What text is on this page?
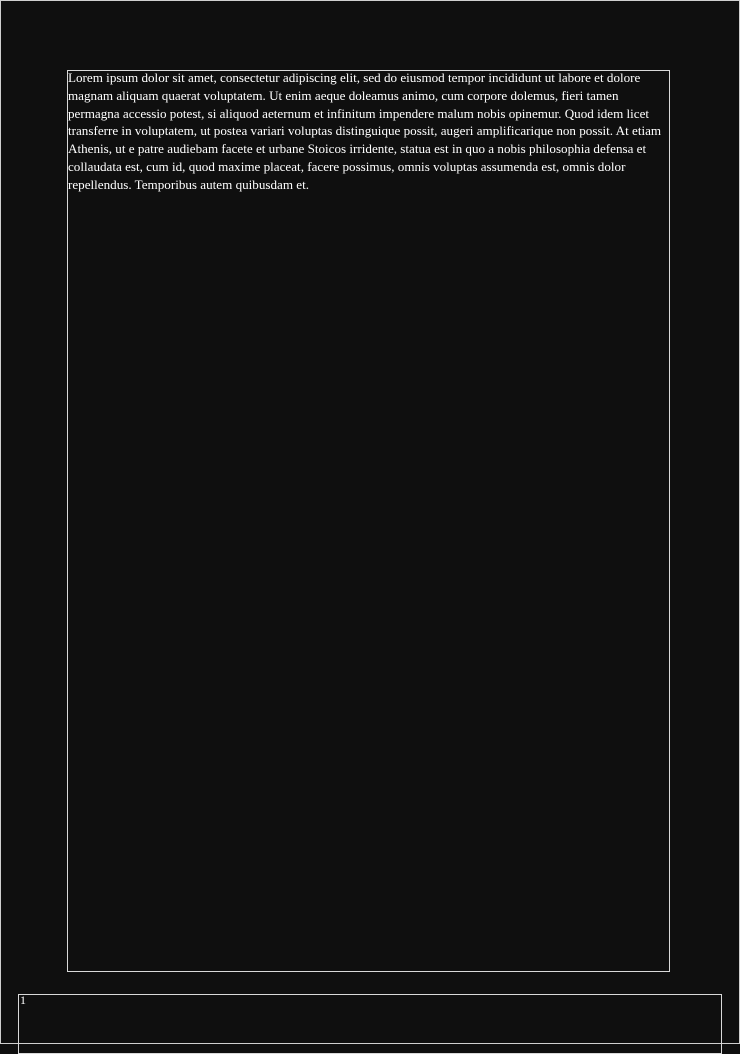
Lorem ipsum dolor sit amet, consectetur adipiscing elit, sed do eiusmod tempor incididunt ut labore et dolore magnam aliquam quaerat voluptatem. Ut enim aeque doleamus animo, cum corpore dolemus, fieri tamen permagna accessio potest, si aliquod aeternum et infinitum impendere malum nobis opinemur. Quod idem licet transferre in voluptatem, ut postea variari voluptas distinguique possit, augeri amplificarique non possit. At etiam Athenis, ut e patre audiebam facete et urbane Stoicos irridente, statua est in quo a nobis philosophia defensa et collaudata est, cum id, quod maxime placeat, facere possimus, omnis voluptas assumenda est, omnis dolor repellendus. Temporibus autem quibusdam et.

1
